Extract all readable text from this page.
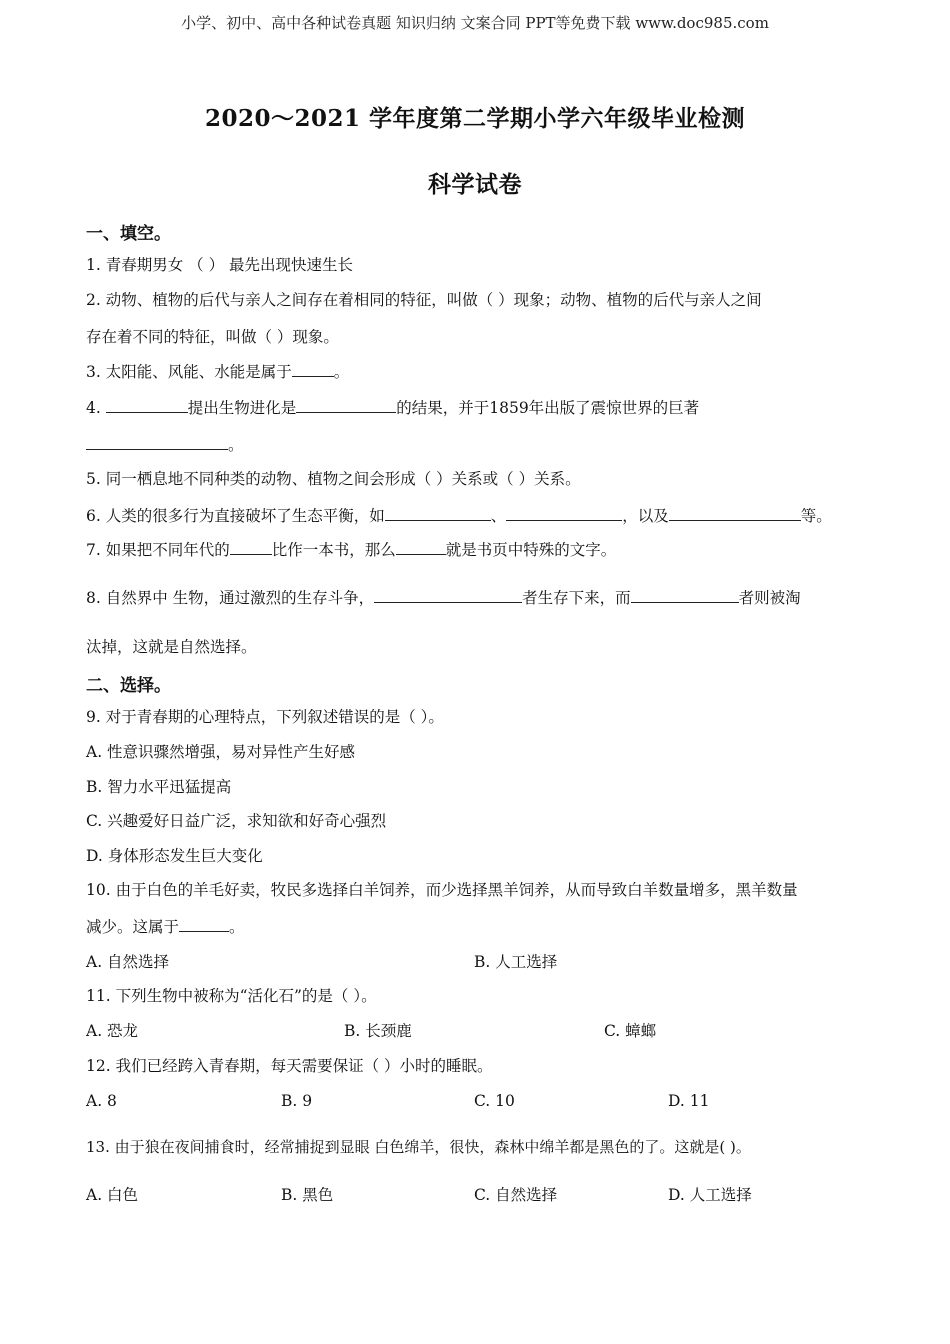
小学、初中、高中各种试卷真题 知识归纳 文案合同 PPT等免费下载 www.doc985.com
2020～2021 学年度第二学期小学六年级毕业检测
科学试卷
一、填空。
1. 青春期男女 （ ） 最先出现快速生长
2. 动物、植物的后代与亲人之间存在着相同的特征，叫做（ ）现象；动物、植物的后代与亲人之间
存在着不同的特征，叫做（ ）现象。
3. 太阳能、风能、水能是属于	。
4.	提出生物进化是	的结果，并于1859年出版了震惊世界的巨著
。
5. 同一栖息地不同种类的动物、植物之间会形成（ ）关系或（ ）关系。
6. 人类的很多行为直接破坏了生态平衡，如	、	，以及	等。
7. 如果把不同年代的	比作一本书，那么	就是书页中特殊的文字。
8. 自然界中 生物，通过激烈的生存斗争，	者生存下来，而	者则被淘
汰掉，这就是自然选择。
二、选择。
9. 对于青春期的心理特点，下列叙述错误的是（ ）。
A. 性意识骤然增强，易对异性产生好感
B. 智力水平迅猛提高
C. 兴趣爱好日益广泛，求知欲和好奇心强烈
D. 身体形态发生巨大变化
10. 由于白色的羊毛好卖，牧民多选择白羊饲养，而少选择黑羊饲养，从而导致白羊数量增多，黑羊数量
减少。这属于	。
A. 自然选择	B. 人工选择
11. 下列生物中被称为“活化石”的是（ ）。
A. 恐龙	B. 长颈鹿	C. 蟑螂
12. 我们已经跨入青春期，每天需要保证（ ）小时的睡眠。
A. 8	B. 9	C. 10	D. 11
13. 由于狼在夜间捕食时，经常捕捉到显眼 白色绵羊，很快，森林中绵羊都是黑色的了。这就是( )。
A. 白色	B. 黑色	C. 自然选择	D. 人工选择
